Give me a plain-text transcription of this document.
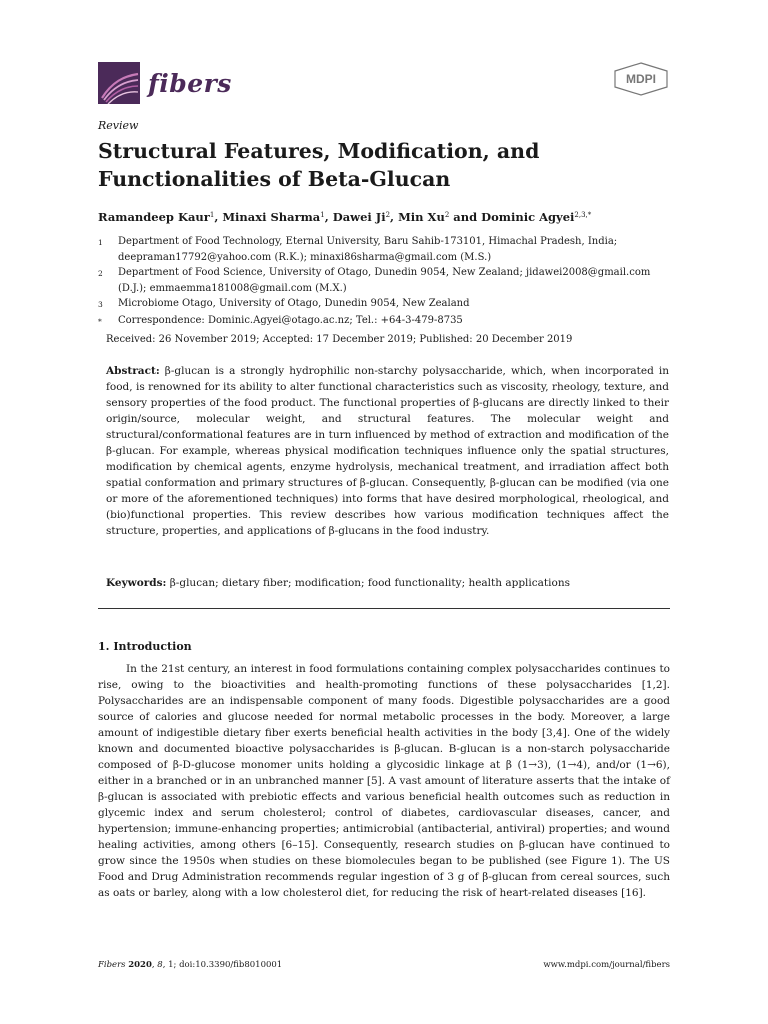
fibers	MDPI
Review
Structural Features, Modification, and Functionalities of Beta-Glucan
Ramandeep Kaur$^1$, Minaxi Sharma$^1$, Dawei Ji$^2$, Min Xu$^2$ and Dominic Agyei$^{2,3,*}$
1	Department of Food Technology, Eternal University, Baru Sahib-173101, Himachal Pradesh, India; deepraman17792@yahoo.com (R.K.); minaxi86sharma@gmail.com (M.S.)
2	Department of Food Science, University of Otago, Dunedin 9054, New Zealand; jidawei2008@gmail.com (D.J.); emmaemma181008@gmail.com (M.X.)
3	Microbiome Otago, University of Otago, Dunedin 9054, New Zealand
*	Correspondence: Dominic.Agyei@otago.ac.nz; Tel.: +64-3-479-8735
Received: 26 November 2019; Accepted: 17 December 2019; Published: 20 December 2019

Abstract: β-glucan is a strongly hydrophilic non-starchy polysaccharide, which, when incorporated in food, is renowned for its ability to alter functional characteristics such as viscosity, rheology, texture, and sensory properties of the food product. The functional properties of β-glucans are directly linked to their origin/source, molecular weight, and structural features. The molecular weight and structural/conformational features are in turn influenced by method of extraction and modification of the β-glucan. For example, whereas physical modification techniques influence only the spatial structures, modification by chemical agents, enzyme hydrolysis, mechanical treatment, and irradiation affect both spatial conformation and primary structures of β-glucan. Consequently, β-glucan can be modified (via one or more of the aforementioned techniques) into forms that have desired morphological, rheological, and (bio)functional properties. This review describes how various modification techniques affect the structure, properties, and applications of β-glucans in the food industry.

Keywords: β-glucan; dietary fiber; modification; food functionality; health applications
1. Introduction

In the 21st century, an interest in food formulations containing complex polysaccharides continues to rise, owing to the bioactivities and health-promoting functions of these polysaccharides [1,2]. Polysaccharides are an indispensable component of many foods. Digestible polysaccharides are a good source of calories and glucose needed for normal metabolic processes in the body. Moreover, a large amount of indigestible dietary fiber exerts beneficial health activities in the body [3,4]. One of the widely known and documented bioactive polysaccharides is β-glucan. B-glucan is a non-starch polysaccharide composed of β-D-glucose monomer units holding a glycosidic linkage at β (1→3), (1→4), and/or (1→6), either in a branched or in an unbranched manner [5]. A vast amount of literature asserts that the intake of β-glucan is associated with prebiotic effects and various beneficial health outcomes such as reduction in glycemic index and serum cholesterol; control of diabetes, cardiovascular diseases, cancer, and hypertension; immune-enhancing properties; antimicrobial (antibacterial, antiviral) properties; and wound healing activities, among others [6–15]. Consequently, research studies on β-glucan have continued to grow since the 1950s when studies on these biomolecules began to be published (see Figure 1). The US Food and Drug Administration recommends regular ingestion of 3 g of β-glucan from cereal sources, such as oats or barley, along with a low cholesterol diet, for reducing the risk of heart-related diseases [16].

Fibers 2020, 8, 1; doi:10.3390/fib8010001	www.mdpi.com/journal/fibers
